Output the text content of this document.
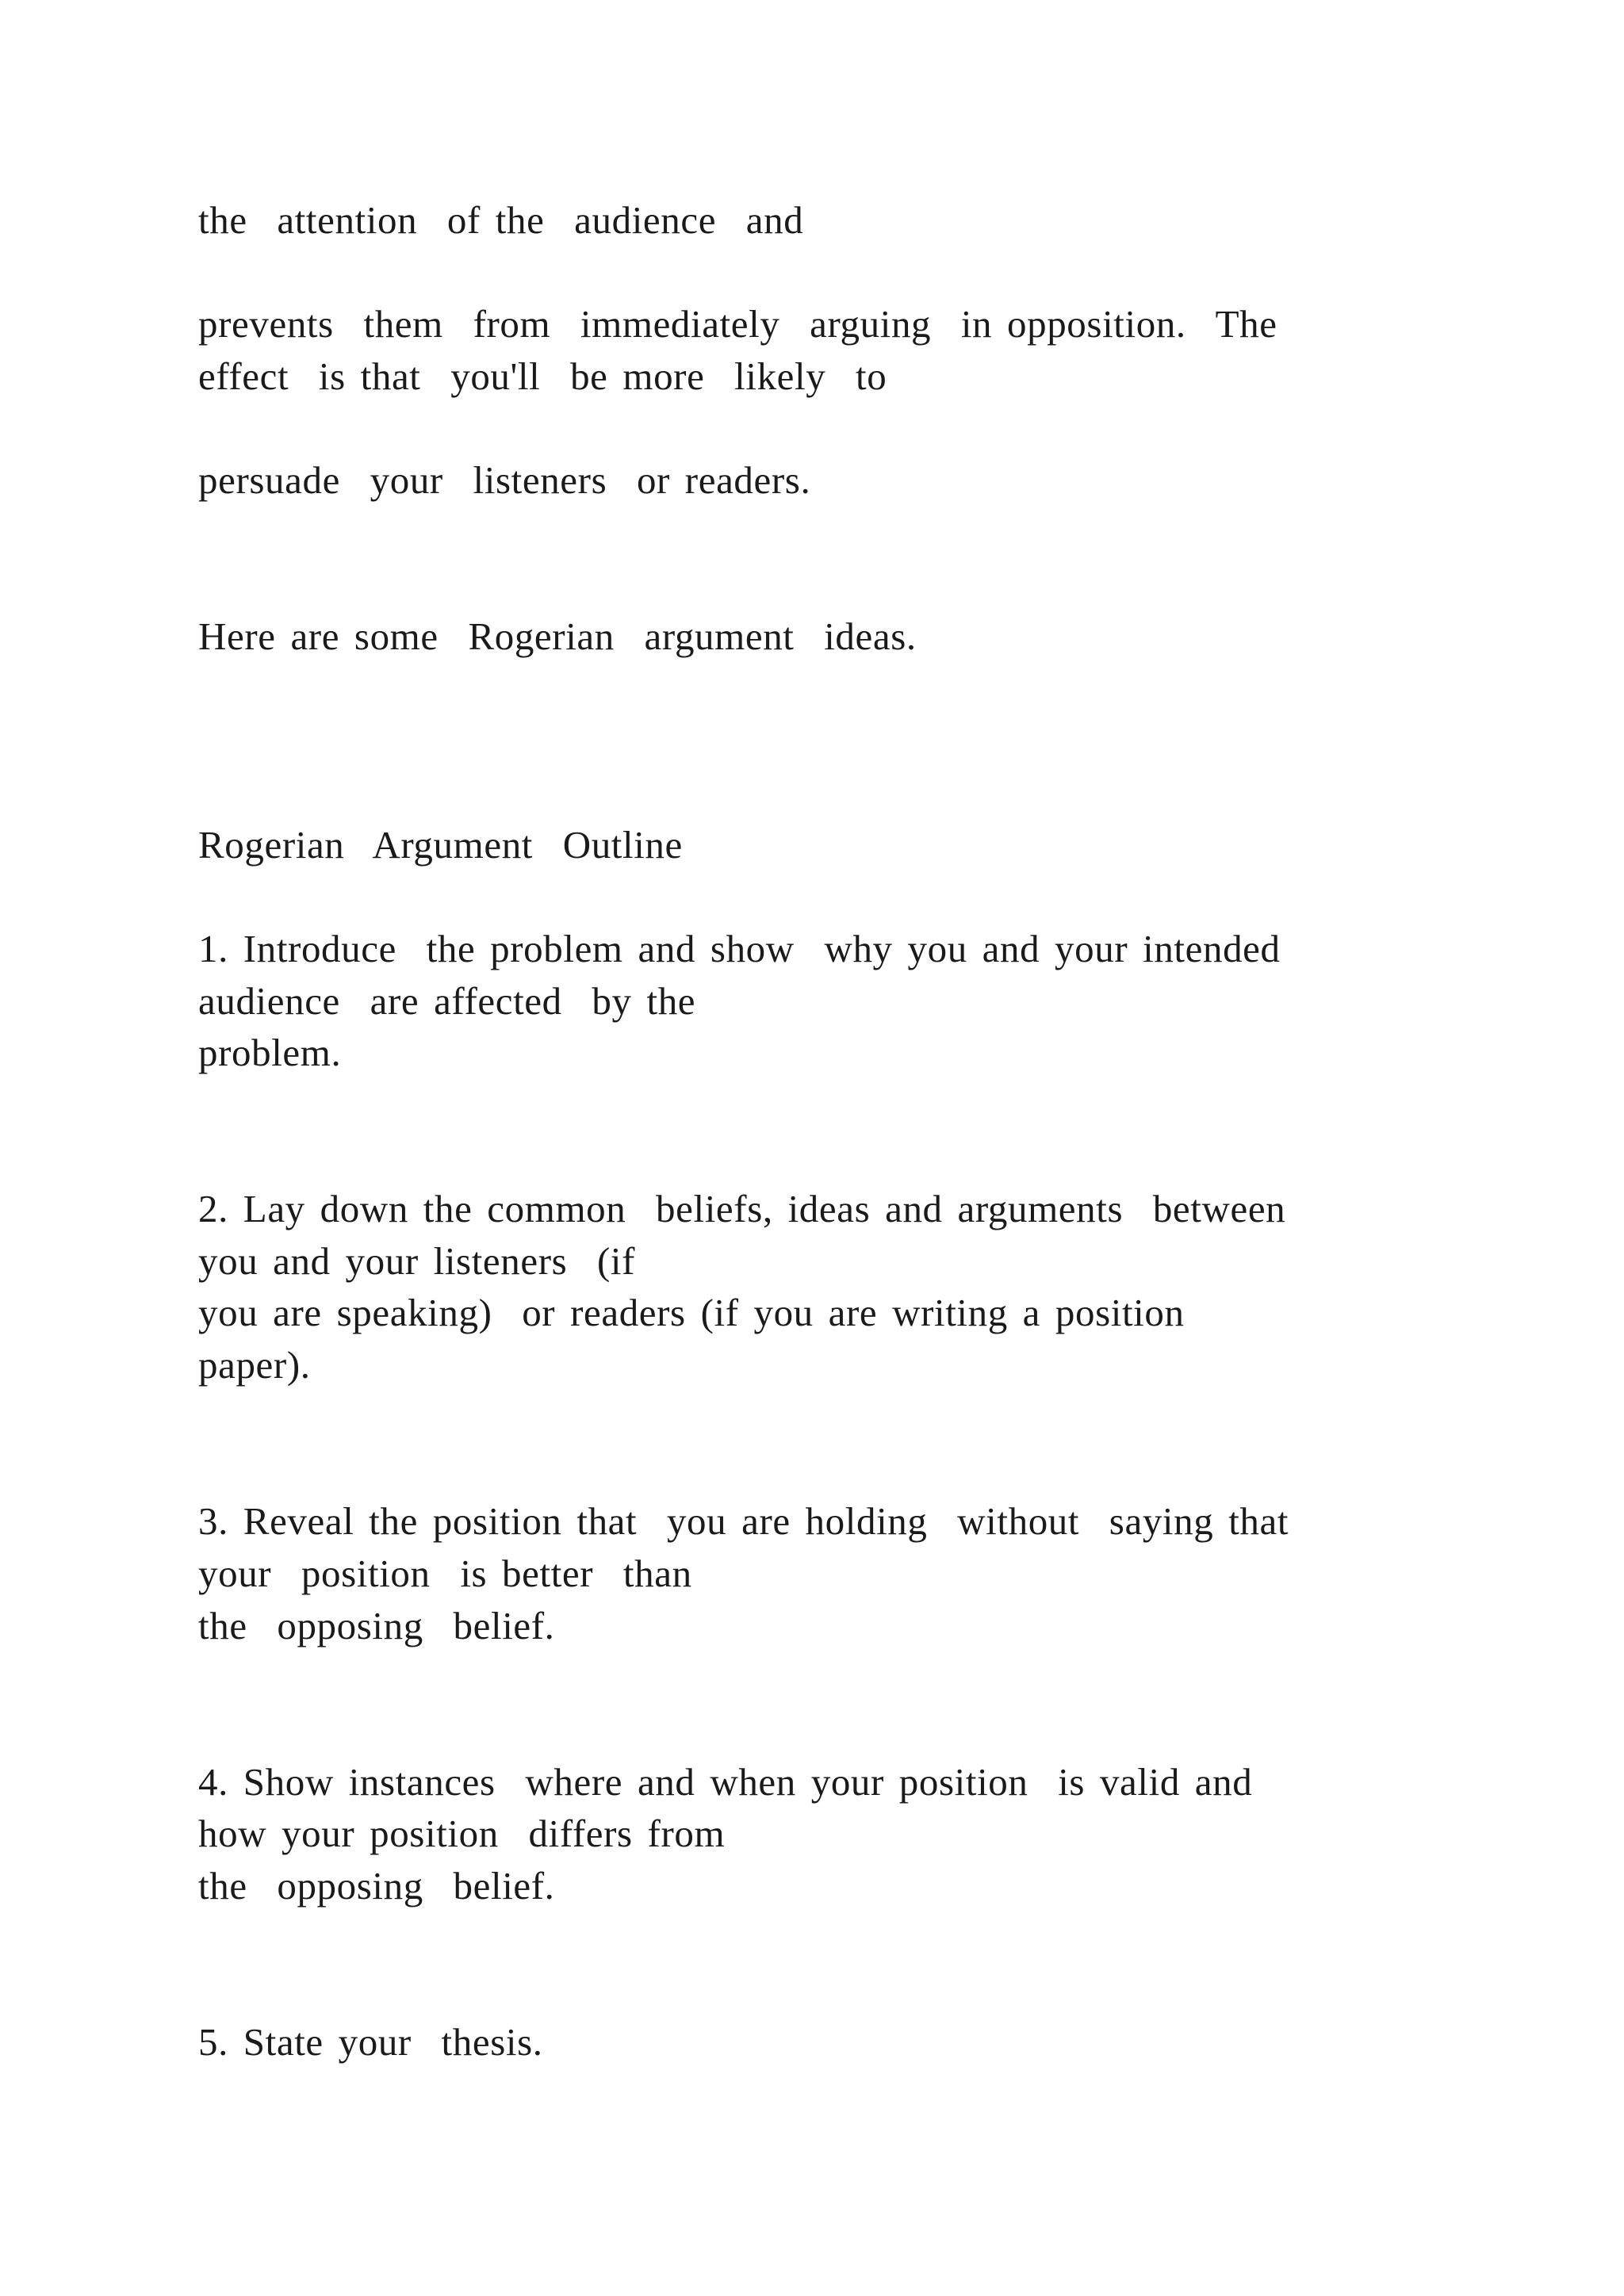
the  attention  of the  audience  and

prevents  them  from  immediately  arguing  in opposition.  The

effect  is that  you'll  be more  likely  to

persuade  your  listeners  or readers.

Here are some  Rogerian  argument  ideas.

Rogerian  Argument  Outline

1. Introduce  the problem and show  why you and your intended

audience  are affected  by the

problem.

2. Lay down the common  beliefs, ideas and arguments  between

you and your listeners  (if

you are speaking)  or readers (if you are writing a position

paper).

3. Reveal the position that  you are holding  without  saying that

your  position  is better  than

the  opposing  belief.

4. Show instances  where and when your position  is valid and

how your position  differs from

the  opposing  belief.

5. State your  thesis.
